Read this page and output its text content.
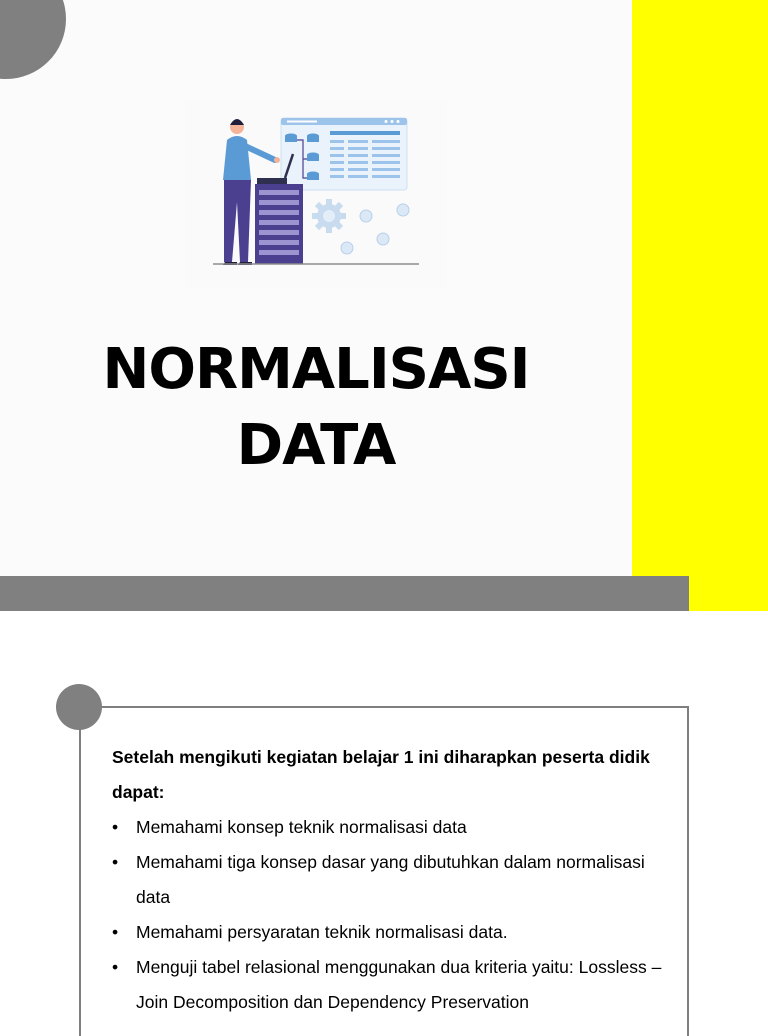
NORMALISASI
DATA

Setelah mengikuti kegiatan belajar 1 ini diharapkan peserta didik dapat:

• Memahami konsep teknik normalisasi data
• Memahami tiga konsep dasar yang dibutuhkan dalam normalisasi data
• Memahami persyaratan teknik normalisasi data.
• Menguji tabel relasional menggunakan dua kriteria yaitu: Lossless – Join Decomposition dan Dependency Preservation
